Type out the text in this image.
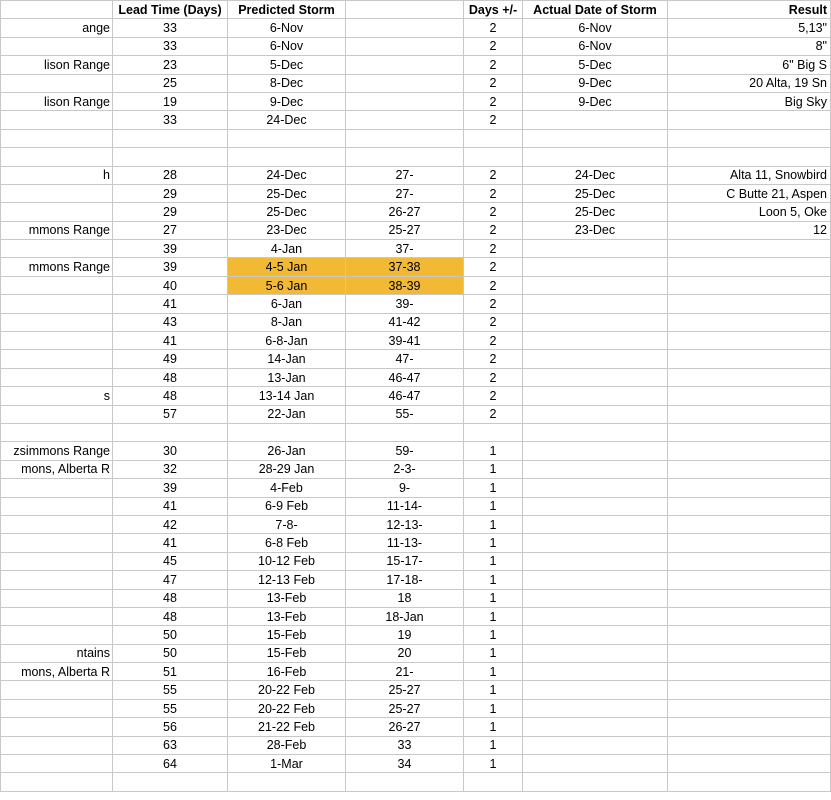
	Lead Time (Days)	Predicted Storm		Days +/-	Actual Date of Storm	Result

ange	33	6-Nov		2	6-Nov	5,13"

	33	6-Nov		2	6-Nov	8"

lison Range	23	5-Dec		2	5-Dec	6" Big S

	25	8-Dec		2	9-Dec	20 Alta, 19 Sn

lison Range	19	9-Dec		2	9-Dec	Big Sky

	33	24-Dec		2		

h	28	24-Dec	27-	2	24-Dec	Alta 11, Snowbird

	29	25-Dec	27-	2	25-Dec	C Butte 21, Aspen

	29	25-Dec	26-27	2	25-Dec	Loon 5, Oke

mmons Range	27	23-Dec	25-27	2	23-Dec	12

	39	4-Jan	37-	2		

mmons Range	39	4-5 Jan	37-38	2		

	40	5-6 Jan	38-39	2		

	41	6-Jan	39-	2		

	43	8-Jan	41-42	2		

	41	6-8-Jan	39-41	2		

	49	14-Jan	47-	2		

	48	13-Jan	46-47	2		

s	48	13-14 Jan	46-47	2		

	57	22-Jan	55-	2		

zsimmons Range	30	26-Jan	59-	1		

mons, Alberta R	32	28-29 Jan	2-3-	1		

	39	4-Feb	9-	1		

	41	6-9 Feb	11-14-	1		

	42	7-8-	12-13-	1		

	41	6-8 Feb	11-13-	1		

	45	10-12 Feb	15-17-	1		

	47	12-13 Feb	17-18-	1		

	48	13-Feb	18	1		

	48	13-Feb	18-Jan	1		

	50	15-Feb	19	1		

ntains	50	15-Feb	20	1		

mons, Alberta R	51	16-Feb	21-	1		

	55	20-22 Feb	25-27	1		

	55	20-22 Feb	25-27	1		

	56	21-22 Feb	26-27	1		

	63	28-Feb	33	1		

	64	1-Mar	34	1		
